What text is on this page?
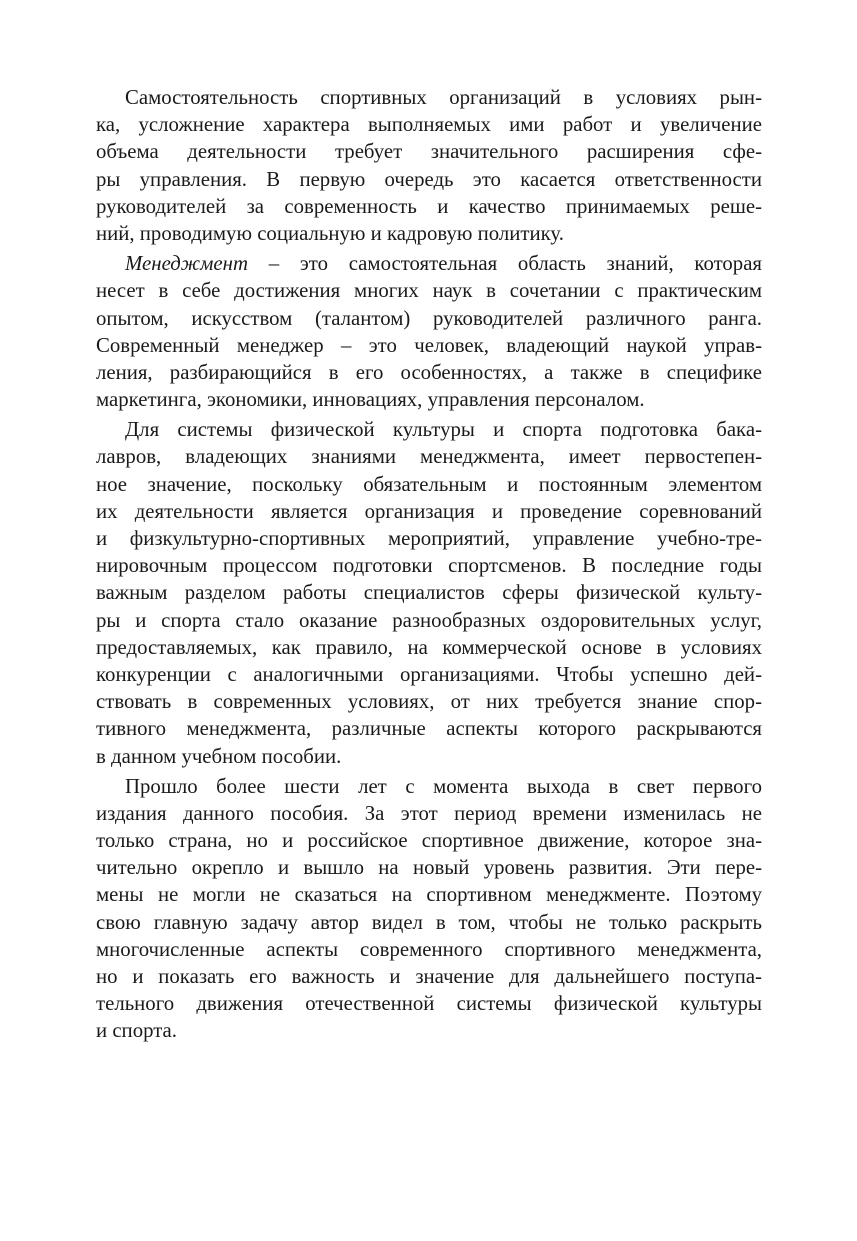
Самостоятельность спортивных организаций в условиях рын-
ка, усложнение характера выполняемых ими работ и увеличение
объема деятельности требует значительного расширения сфе-
ры управления. В первую очередь это касается ответственности
руководителей за современность и качество принимаемых реше-
ний, проводимую социальную и кадровую политику.
Менеджмент – это самостоятельная область знаний, которая
несет в себе достижения многих наук в сочетании с практическим
опытом, искусством (талантом) руководителей различного ранга.
Современный менеджер – это человек, владеющий наукой управ-
ления, разбирающийся в его особенностях, а также в специфике
маркетинга, экономики, инновациях, управления персоналом.
Для системы физической культуры и спорта подготовка бака-
лавров, владеющих знаниями менеджмента, имеет первостепен-
ное значение, поскольку обязательным и постоянным элементом
их деятельности является организация и проведение соревнований
и физкультурно-спортивных мероприятий, управление учебно-тре-
нировочным процессом подготовки спортсменов. В последние годы
важным разделом работы специалистов сферы физической культу-
ры и спорта стало оказание разнообразных оздоровительных услуг,
предоставляемых, как правило, на коммерческой основе в условиях
конкуренции с аналогичными организациями. Чтобы успешно дей-
ствовать в современных условиях, от них требуется знание спор-
тивного менеджмента, различные аспекты которого раскрываются
в данном учебном пособии.
Прошло более шести лет с момента выхода в свет первого
издания данного пособия. За этот период времени изменилась не
только страна, но и российское спортивное движение, которое зна-
чительно окрепло и вышло на новый уровень развития. Эти пере-
мены не могли не сказаться на спортивном менеджменте. Поэтому
свою главную задачу автор видел в том, чтобы не только раскрыть
многочисленные аспекты современного спортивного менеджмента,
но и показать его важность и значение для дальнейшего поступа-
тельного движения отечественной системы физической культуры
и спорта.
